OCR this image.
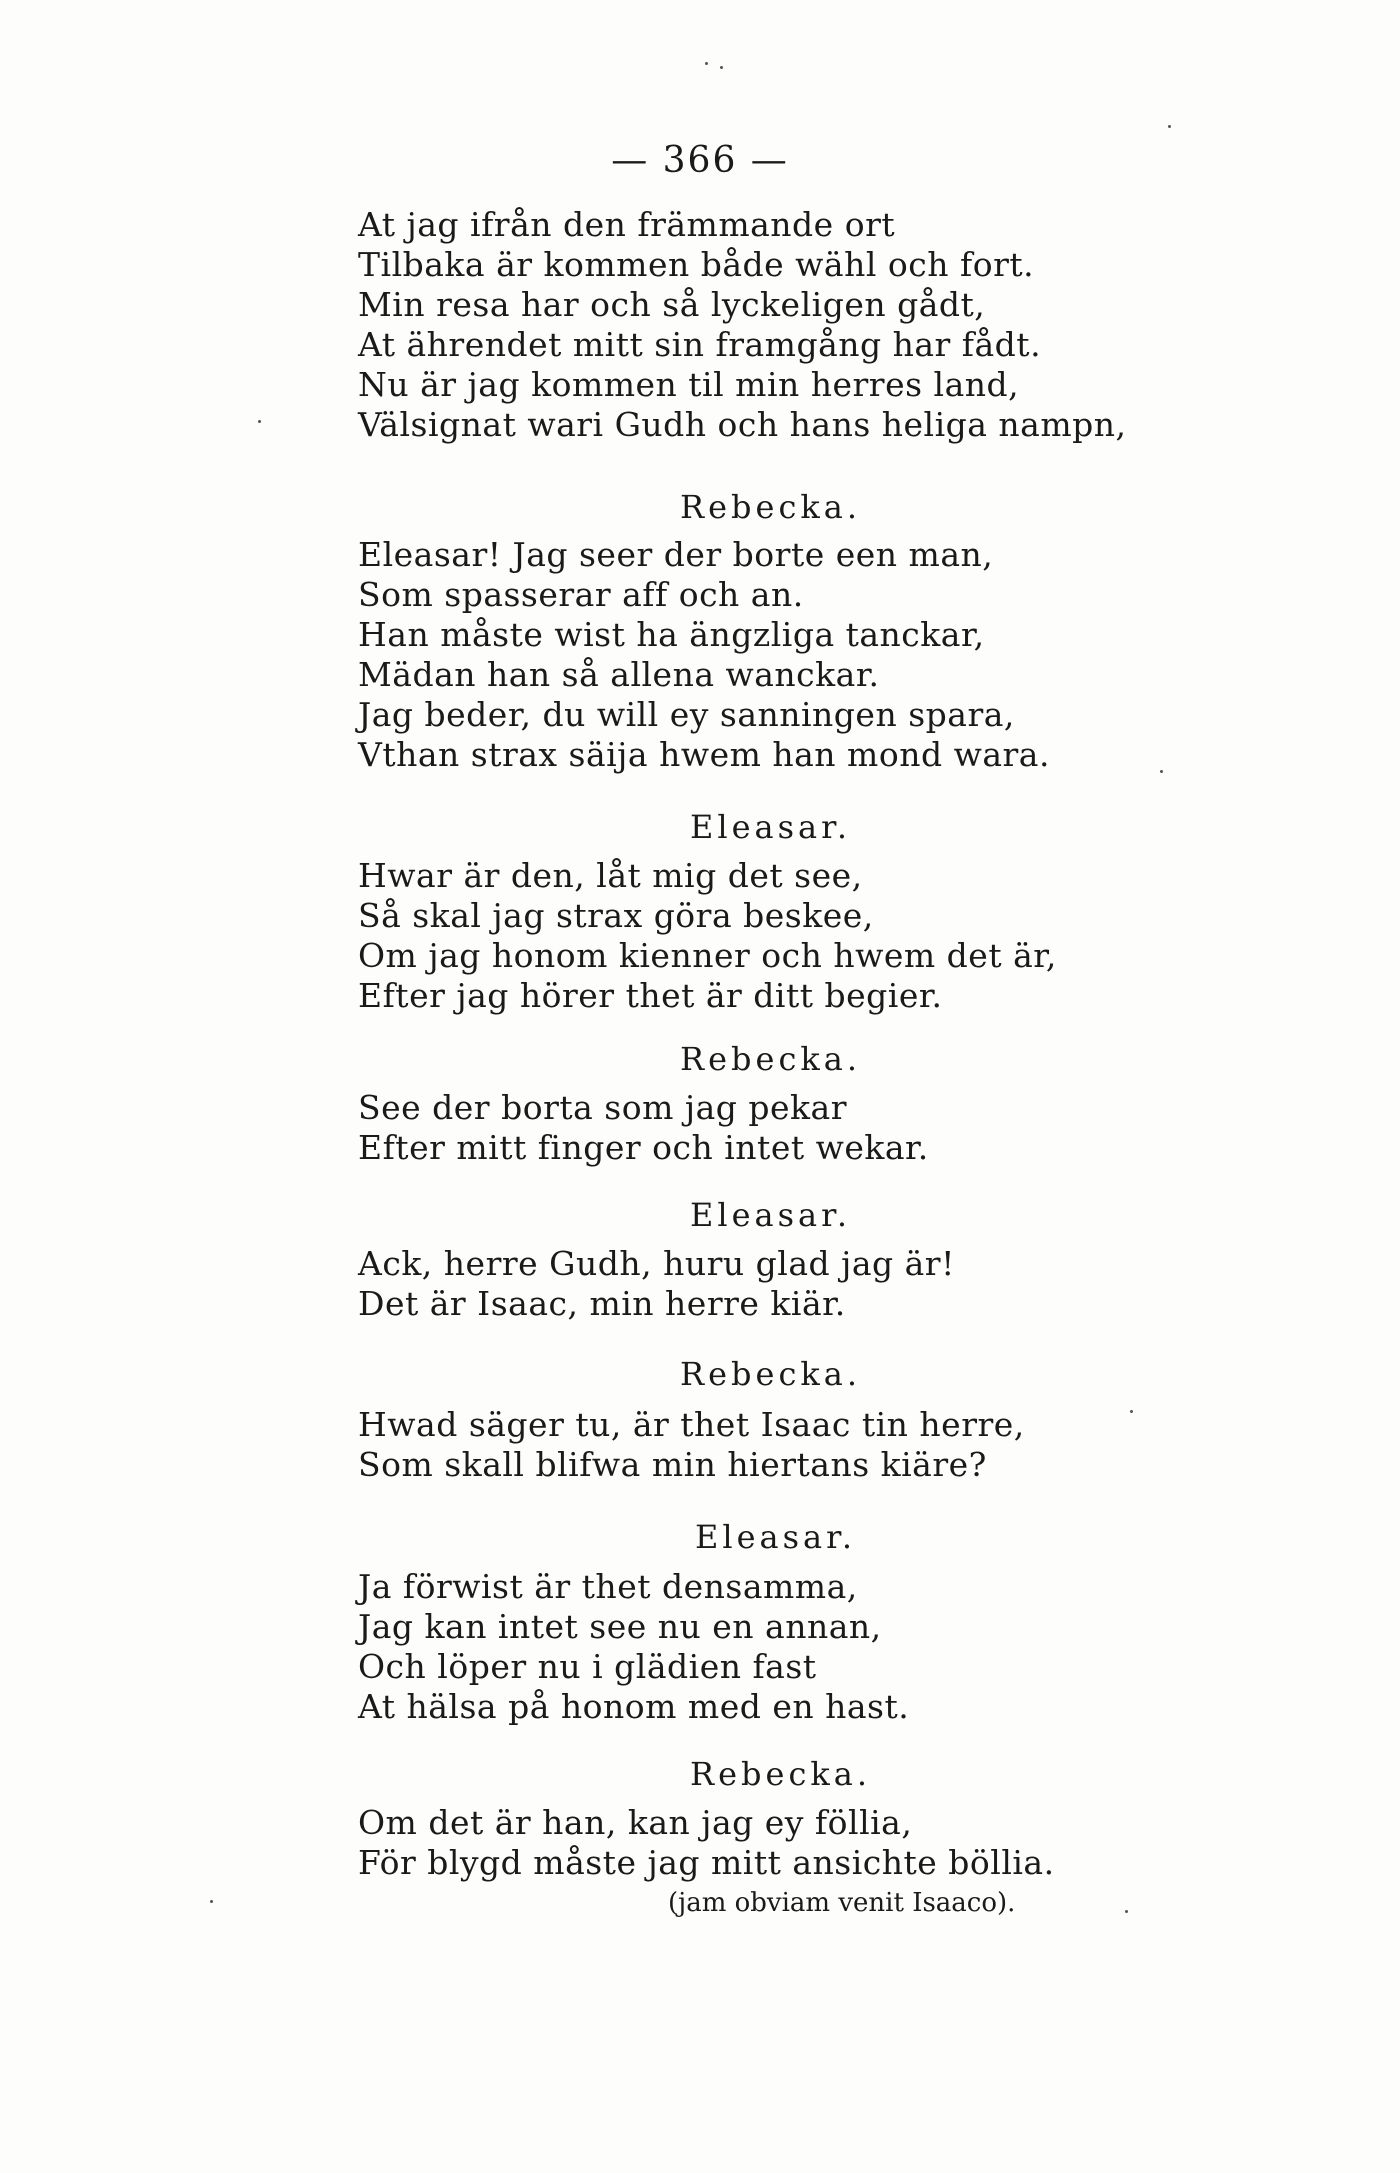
— 366 —
At jag ifrån den främmande ort
Tilbaka är kommen både wähl och fort.
Min resa har och så lyckeligen gådt,
At ährendet mitt sin framgång har fådt.
Nu är jag kommen til min herres land,
Välsignat wari Gudh och hans heliga nampn,
Rebecka.
Eleasar! Jag seer der borte een man,
Som spasserar aff och an.
Han måste wist ha ängzliga tanckar,
Mädan han så allena wanckar.
Jag beder, du will ey sanningen spara,
Vthan strax säija hwem han mond wara.
Eleasar.
Hwar är den, låt mig det see,
Så skal jag strax göra beskee,
Om jag honom kienner och hwem det är,
Efter jag hörer thet är ditt begier.
Rebecka.
See der borta som jag pekar
Efter mitt finger och intet wekar.
Eleasar.
Ack, herre Gudh, huru glad jag är!
Det är Isaac, min herre kiär.
Rebecka.
Hwad säger tu, är thet Isaac tin herre,
Som skall blifwa min hiertans kiäre?
Eleasar.
Ja förwist är thet densamma,
Jag kan intet see nu en annan,
Och löper nu i glädien fast
At hälsa på honom med en hast.
Rebecka.
Om det är han, kan jag ey föllia,
För blygd måste jag mitt ansichte böllia.
(jam obviam venit Isaaco).
